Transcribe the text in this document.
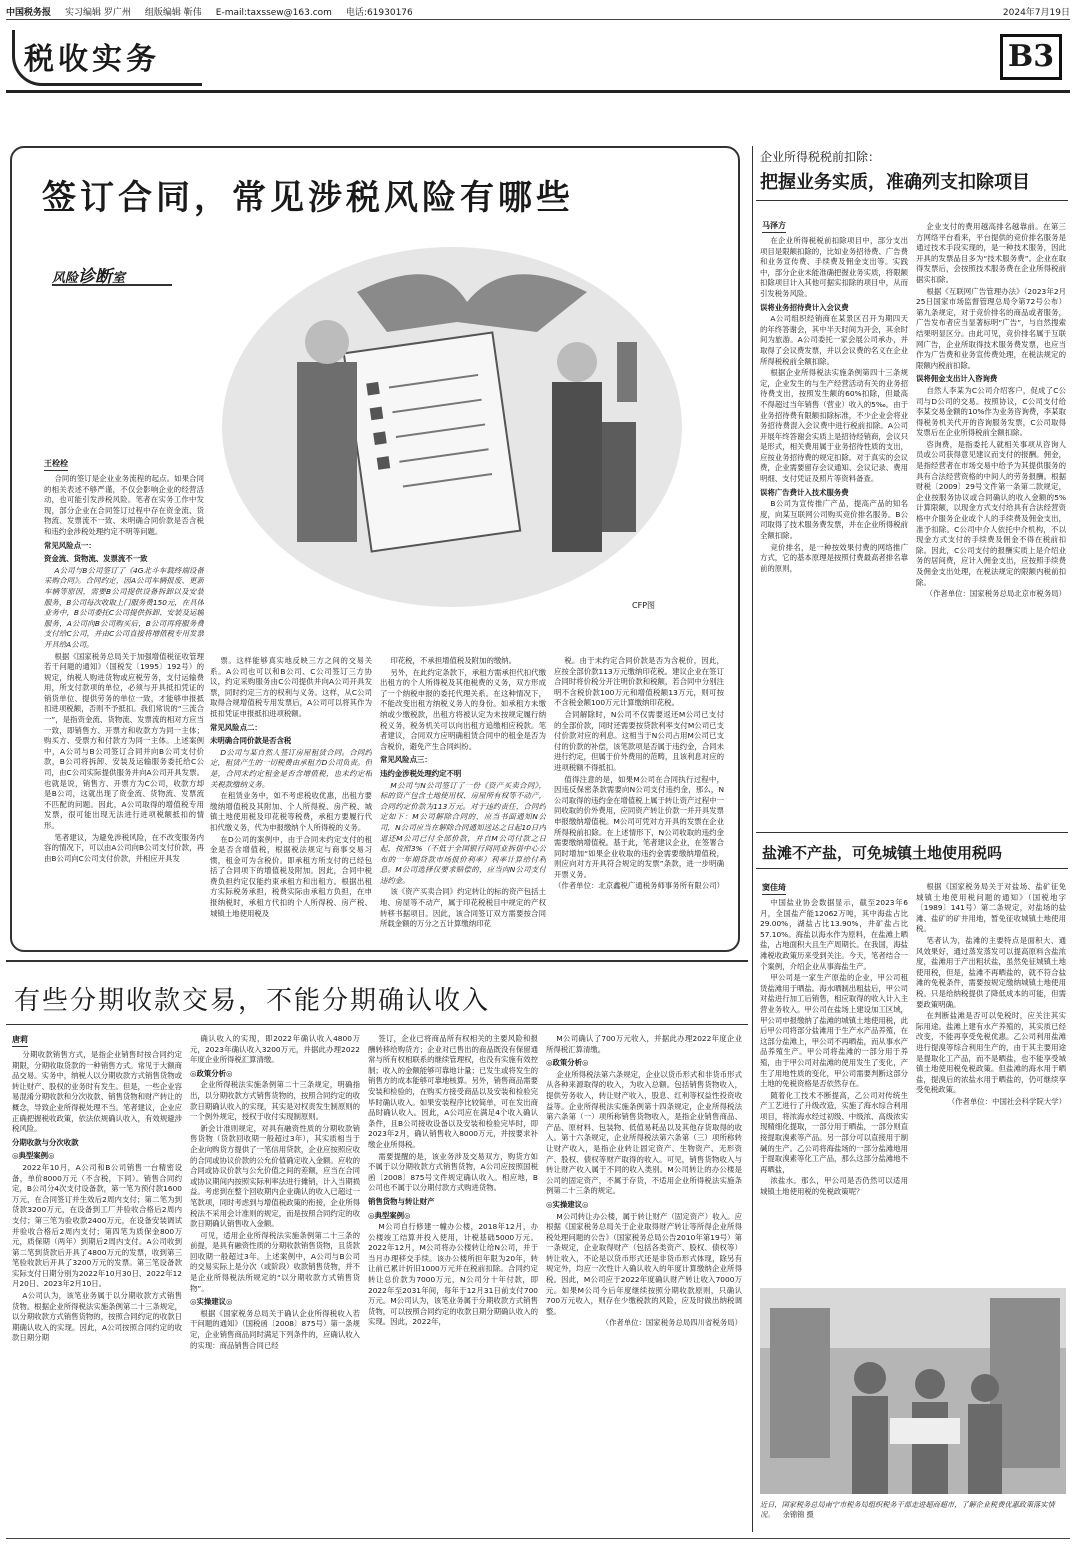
中国税务报 实习编辑 罗广州 组版编辑 靳伟 E-mail:taxssew@163.com 电话:61930176	2024年7月19日
税收实务	B3
签订合同，常见涉税风险有哪些
风险诊断室
CFP图
王栓栓

合同的签订是企业业务流程的起点。如果合同的相关表述不够严谨，不仅会影响企业的经营活动，也可能引发涉税风险。笔者在实务工作中发现，部分企业在合同签订过程中存在资金流、货物流、发票流不一致、未明确合同价款是否含税和违约金涉税处理约定不明等问题。

常见风险点一：

资金流、货物流、发票流不一致

A公司与B公司签订了《4G北斗车载终端设备采购合同》。合同约定，因A公司车辆报废、更新车辆等原因，需要B公司提供设备拆卸以及安装服务，B公司每次收取上门服务费150元，在具体业务中，B公司委托C公司提供拆卸、安装及运输服务，A公司向B公司购买后，B公司再将服务费支付给C公司，并由C公司直接将增值税专用发票开具给A公司。

根据《国家税务总局关于加强增值税征收管理若干问题的通知》（国税发〔1995〕192号）的规定，纳税人购进货物或应税劳务，支付运输费用，所支付款项的单位，必须与开具抵扣凭证的销货单位、提供劳务的单位一致，才能够申报抵扣进项税额，否则不予抵扣。我们常说的“三流合一”，是指资金流、货物流、发票流的相对方应当一致，即销售方、开票方和收款方为同一主体；购买方、受票方和付款方为同一主体。上述案例中，A公司与B公司签订合同并向B公司支付价款，B公司将拆卸、安装及运输服务委托给C公司，由C公司实际提供服务并向A公司开具发票。也就是说，销售方、开票方为C公司，收款方却是B公司，这就出现了资金流、货物流、发票流不匹配的问题。因此，A公司取得的增值税专用发票，很可能出现无法进行进项税额抵扣的情形。

笔者建议，为避免涉税风险，在不改变服务内容的情况下，可以由A公司向B公司支付价款，再由B公司向C公司支付价款，并相应开具发

票。这样能够真实地反映三方之间的交易关系。A公司也可以和B公司、C公司签订三方协议，约定采购服务由C公司提供并向A公司开具发票，同时约定三方的权利与义务。这样，从C公司取得合规增值税专用发票后，A公司可以将其作为抵扣凭证申报抵扣进项税额。

常见风险点二：

未明确合同价款是否含税

D公司与某自然人签订房屋租赁合同。合同约定，租赁产生的一切税费由承租方D公司负责。但是，合同未约定租金是否含增值税，也未约定相关税款缴纳义务。

在租赁业务中，如不考虑税收优惠，出租方要缴纳增值税及其附加、个人所得税、房产税、城镇土地使用税及印花税等税费，承租方要履行代扣代缴义务，代为申报缴纳个人所得税的义务。

在D公司的案例中，由于合同未约定支付的租金是否含增值税，根据税法规定与商事交易习惯，租金可为含税价。即承租方所支付的已经包括了合同项下的增值税及附加。因此，合同中税费负担约定仅能约束承租方和出租方。根据出租方实际税务承担，税费实际由承租方负担，在申报纳税时，承租方代扣的个人所得税、房产税、城镇土地使用税及

印花税，不承担增值税及附加的缴纳。

另外，在此约定条款下，承租方需承担代扣代缴出租方的个人所得税及其他税费的义务，双方形成了一个纳税申报的委托代理关系。在这种情况下，不能改变出租方纳税义务人的身份。如承租方未缴纳或少缴税款，出租方将被认定为未按规定履行纳税义务，税务机关可以向出租方追缴相应税款。笔者建议，合同双方应明确租赁合同中的租金是否为含税价，避免产生合同纠纷。

常见风险点三：

违约金涉税处理约定不明

M公司与N公司签订了一份《资产买卖合同》，标的资产包含土地使用权、房屋所有权等不动产，合同约定价款为113万元。对于违约责任，合同约定如下：M公司解除合同的，应当书面通知N公司，N公司应当在解除合同通知送达之日起10日内退还M公司已付全部价款，并自M公司付款之日起，按照3%（不低于全国银行间同业拆借中心公布的一年期贷款市场报价利率）利率计算给付利息。M公司选择仅要求赔偿的，应当向N公司支付违约金。

该《资产买卖合同》约定转让的标的资产包括土地、房屋等不动产，属于印花税税目中规定的产权转移书据项目。因此，该合同签订双方需要按合同所载金额的万分之五计算缴纳印花

税。由于未约定合同价款是否为含税价，因此，应按全部价款113万元缴纳印花税。建议企业在签订合同时将价税分开注明价款和税额，若合同中分别注明不含税价款100万元和增值税额13万元，则可按不含税金额100万元计算缴纳印花税。

合同解除时，N公司不仅需要返还M公司已支付的全部价款，同时还需要按贷款利率支付M公司已支付价款对应的利息。这相当于N公司占用M公司已支付的价款的补偿，该笔款项是否属于违约金，合同未进行约定，但属于价外费用的范畴，且该利息对应的进项税额不得抵扣。

值得注意的是，如果M公司在合同执行过程中，因违反保密条款需要向N公司支付违约金，那么，N公司取得的违约金在增值税上属于转让资产过程中一同收取的价外费用，应同资产转让价款一并开具发票申报缴纳增值税。M公司可凭对方开具的发票在企业所得税前扣除。在上述情形下，N公司收取的违约金需要缴纳增值税。基于此，笔者建议企业，在签署合同时增加“如果企业收取的违约金需要缴纳增值税，则应向对方开具符合规定的发票”条款，进一步明确开票义务。

（作者单位：北京鑫税广通税务师事务所有限公司）

企业所得税税前扣除：
把握业务实质，准确列支扣除项目
马泽方

在企业所得税税前扣除项目中，部分支出项目是限额扣除的，比如业务招待费、广告费和业务宣传费、手续费及佣金支出等。实践中，部分企业未能准确把握业务实质，将限额扣除项目计入其他可据实扣除的项目中，从而引发税务风险。

误将业务招待费计入会议费

A公司组织经销商在某景区召开为期四天的年终答谢会，其中半天时间为开会，其余时间为旅游。A公司委托一家会展公司承办，并取得了会议费发票，并以会议费的名义在企业所得税税前全额扣除。

根据企业所得税法实施条例第四十三条规定，企业发生的与生产经营活动有关的业务招待费支出，按照发生额的60%扣除，但最高不得超过当年销售（营业）收入的5‰。由于业务招待费有限额扣除标准，不少企业会将业务招待费混入会议费中进行税前扣除。A公司开展年终答谢会实质上是招待经销商，会议只是形式，相关费用属于业务招待性质的支出，应按业务招待费的规定扣除。对于真实的会议费，企业需要留存会议通知、会议记录、费用明细、支付凭证及照片等资料备查。

误将广告费计入技术服务费

B公司为宣传推广产品，提高产品的知名度，向某互联网公司购买竞价排名服务。B公司取得了技术服务费发票，并在企业所得税前全额扣除。

竞价排名，是一种按效果付费的网络推广方式，它的基本原理是按照付费最高者排名靠前的原则，

企业支付的费用越高排名越靠前。在第三方网络平台看来，平台提供的竞价排名服务是通过技术手段实现的，是一种技术服务，因此开具的发票品目多为“技术服务费”。企业在取得发票后，会按照技术服务费在企业所得税前据实扣除。

根据《互联网广告管理办法》（2023年2月25日国家市场监督管理总局令第72号公布）第九条规定，对于竞价排名的商品或者服务，广告发布者应当显著标明“广告”，与自然搜索结果明显区分。由此可见，竞价排名属于互联网广告，企业所取得技术服务费发票，也应当作为广告费和业务宣传费处理，在税法规定的限额内税前扣除。

误将佣金支出计入咨询费

自然人李某为C公司介绍客户，促成了C公司与D公司的交易。按照协议，C公司支付给李某交易金额的10%作为业务咨询费，李某取得税务机关代开的咨询服务发票，C公司取得发票后在企业所得税前全额扣除。

咨询费，是指委托人就相关事项从咨询人员或公司获得意见建议而支付的报酬。佣金，是指经营者在市场交易中给予为其提供服务的具有合法经营资格的中间人的劳务报酬。根据财税〔2009〕29号文件第一条第二款规定，企业按服务协议或合同确认的收入金额的5%计算限额，以现金方式支付给具有合法经营资格中介服务企业或个人的手续费及佣金支出，准予扣除。C公司中介人依托中介机构，不以现金方式支付的手续费及佣金不得在税前扣除。因此，C公司支付的报酬实质上是介绍业务的居间费，应计入佣金支出，应按照手续费及佣金支出处理，在税法规定的限额内税前扣除。

（作者单位：国家税务总局北京市税务局）

盐滩不产盐，可免城镇土地使用税吗
窦佳琦

中国盐业协会数据显示，截至2023年6月，全国盐产能12062万吨，其中海盐占比29.00%，湖盐占比13.90%，井矿盐占比57.10%。海盐以海水作为原料，在盐滩上晒盐，占地面积大且生产周期长。在我国，海盐滩税收政策历来受到关注。今天，笔者结合一个案例，介绍企业从事海盐生产。

甲公司是一家生产原盐的企业，甲公司租赁盐滩用于晒盐。海水晒制出粗盐后，甲公司对盐进行加工后销售，相应取得的收入计入主营业务收入。甲公司在盐场上建设加工区域，甲公司申报缴纳了盐滩的城镇土地使用税，此后甲公司将部分盐滩用于生产水产品养殖，在这部分盐滩上，甲公司不再晒盐，而从事水产品养殖生产。甲公司将盐滩的一部分用于养殖，由于甲公司对盐滩的使用发生了变化，产生了用地性质的变化，甲公司需要判断这部分土地的免税资格是否依然存在。

随着化工技术不断提高，乙公司对传统生产工艺进行了升级改造，实施了海水综合利用项目，将浓海水经过初级、中级浓、高级浓实现精细化提取，一部分用于晒盐，一部分则直接提取溴素等产品。另一部分可以直接用于制碱的生产。乙公司将海盐场的一部分盐滩地用于提取溴素等化工产品，那么这部分盐滩地不再晒盐，

浓盐水。那么，甲公司是否仍然可以适用城镇土地使用税的免税政策呢？

根据《国家税务局关于对盐场、盐矿征免城镇土地使用税问题的通知》（国税地字〔1989〕141号）第二条规定，对盐场的盐滩、盐矿的矿井用地，暂免征收城镇土地使用税。

笔者认为，盐滩的主要特点是面积大、通风效果好，通过蒸发蒸发可以提高原料含盐浓度，盐滩用于产出粗状盐，虽然免征城镇土地使用税，但是，盐滩不再晒盐的，就不符合盐滩的免税条件，需要按规定缴纳城镇土地使用税。只是给纳税提供了降低成本的可能，但需要政策明确。

在判断盐滩是否可以免税时，应关注其实际用途。盐滩上建有水产养殖的，其实质已经改变，不能再享受免税优惠。乙公司利用盐滩进行提溴等综合利用生产的，由于其主要用途是提取化工产品，而不是晒盐，也不能享受城镇土地使用税免税政策。但盐滩的海水用于晒盐，提溴后的浓盐水用于晒盐的，仍可继续享受免税政策。

（作者单位：中国社会科学院大学）

近日，国家税务总局南宁市税务局组织税务干部走进超商超市，了解企业税费优惠政策落实情况。 余锦锦 摄
有些分期收款交易，不能分期确认收入
唐莉

分期收款销售方式，是指企业销售时按合同约定期限，分期收取货款的一种销售方式。常见于大额商品交易。实务中，纳税人以分期收款方式销售货物或转让财产、股权的业务时有发生。但是，一些企业容易混淆分期收款和分次收款、销售货物和财产转让的概念，导致企业所得税处理不当。笔者建议，企业应正确把握税收政策，依法依规确认收入，有效规避涉税风险。

分期收款与分次收款

◎典型案例◎

2022年10月，A公司和B公司销售一台精密设备，单价8000万元（不含税，下同）。销售合同约定，B公司分4次支付设备款，第一笔为预付款1600万元，在合同签订并生效后2周内支付；第二笔为到货款3200万元，在设备到工厂并验收合格后2周内支付；第三笔为验收款2400万元，在设备安装调试并验收合格后2周内支付；第四笔为质保金800万元，质保期（两年）到期后2周内支付。A公司收到第二笔到货款后开具了4800万元的发票，收到第三笔验收款后开具了3200万元的发票。第三笔设备款实际支付日期分别为2022年10月30日、2022年12月20日、2023年2月10日。

A公司认为，该笔业务属于以分期收款方式销售货物。根据企业所得税法实施条例第二十三条规定，以分期收款方式销售货物的，按照合同约定的收款日期确认收入的实现。因此，A公司按照合同约定的收款日期分期

确认收入的实现，即2022年确认收入4800万元，2023年确认收入3200万元，并据此办理2022年度企业所得税汇算清缴。

◎政策分析◎

企业所得税法实施条例第二十三条规定，明确指出，以分期收款方式销售货物的，按照合同约定的收款日期确认收入的实现，其实是对权责发生制原则的一个例外规定，授权于收付实现制原则。

新会计准则规定，对具有融资性质的分期收款销售货物（货款回收期一般超过3年），其实质相当于企业向购货方提供了一笔信用贷款，企业应按照应收的合同或协议价款的公允价值确定收入金额。应收的合同或协议价款与公允价值之间的差额，应当在合同或协议期间内按照实际利率法进行摊销，计入当期损益。考虑到在整个回收期内企业确认的收入已超过一笔款项，同时考虑到与增值税政策的衔接，企业所得税法不采用会计准则的规定，而是按照合同约定的收款日期确认销售收入金额。

可见，适用企业所得税法实施条例第二十三条的前提，是具有融资性质的分期收款销售货物，且货款回收期一般超过3年。上述案例中，A公司与B公司的交易实际上是分次（或阶段）收款销售货物，并不是企业所得税法所规定的“以分期收款方式销售货物”。

◎实操建议◎

根据《国家税务总局关于确认企业所得税收入若干问题的通知》（国税函〔2008〕875号）第一条规定，企业销售商品同时满足下列条件的，应确认收入的实现：商品销售合同已经

签订，企业已将商品所有权相关的主要风险和报酬转移给购货方；企业对已售出的商品既没有保留通常与所有权相联系的继续管理权，也没有实施有效控制；收入的金额能够可靠地计量；已发生或将发生的销售方的成本能够可靠地核算。另外，销售商品需要安装和检验的，在购买方接受商品以及安装和检验完毕时确认收入。如果安装程序比较简单，可在发出商品时确认收入。因此，A公司应在满足4个收入确认条件，且B公司接收设备以及安装和检验完毕时，即2023年2月，确认销售收入8000万元，并按要求补缴企业所得税。

需要提醒的是，该业务涉及交易双方，购货方如不属于以分期收款方式销售货物，A公司应按照国税函〔2008〕875号文件规定确认收入。相应地，B公司也不属于以分期付款方式购进货物。

销售货物与转让财产

◎典型案例◎

M公司自行修建一幢办公楼，2018年12月，办公楼竣工结算并投入使用，计税基础5000万元。2022年12月，M公司将办公楼转让给N公司，并于当月办理移交手续。该办公楼所担年限为20年，转让前已累计折旧1000万元并在税前扣除。合同约定转让总价款为7000万元，N公司分十年付款，即2022年至2031年间，每年于12月31日前支付700万元。M公司认为，该笔业务属于分期收款方式销售货物，可以按照合同约定的收款日期分期确认收入的实现。因此，2022年，

M公司确认了700万元收入，并据此办理2022年度企业所得税汇算清缴。

◎政策分析◎

企业所得税法第六条规定，企业以货币形式和非货币形式从各种来源取得的收入，为收入总额。包括销售货物收入，提供劳务收入，转让财产收入，股息、红利等权益性投资收益等。企业所得税法实施条例第十四条规定，企业所得税法第六条第（一）项所称销售货物收入，是指企业销售商品、产品、原材料、包装物、低值易耗品以及其他存货取得的收入。第十六条规定，企业所得税法第六条第（三）项所称转让财产收入，是指企业转让固定资产、生物资产、无形资产、股权、债权等财产取得的收入。可见，销售货物收入与转让财产收入属于不同的收入类别。M公司转让的办公楼是公司的固定资产，不属于存货，不适用企业所得税法实施条例第二十三条的规定。

◎实操建议◎

M公司转让办公楼，属于转让财产（固定资产）收入。应根据《国家税务总局关于企业取得财产转让等所得企业所得税处理问题的公告》（国家税务总局公告2010年第19号）第一条规定，企业取得财产（包括各类资产、股权、债权等）转让收入，不论是以货币形式还是非货币形式体现，除另有规定外，均应一次性计入确认收入的年度计算缴纳企业所得税。因此，M公司应于2022年度确认财产转让收入7000万元。如果M公司今后年度继续按照分期收款原则，只确认700万元收入，则存在少缴税款的风险，应及时做出纳税调整。

（作者单位：国家税务总局四川省税务局）
